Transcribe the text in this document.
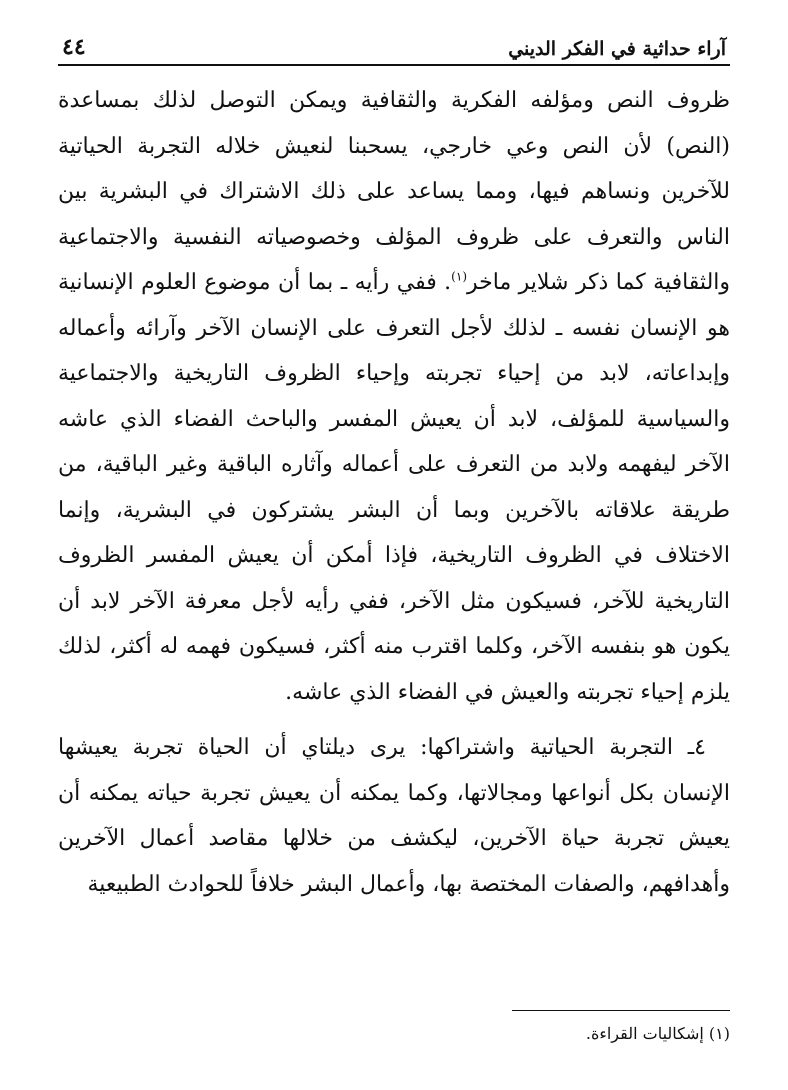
آراء حداثية في الفكر الديني
٤٤

ظروف النص ومؤلفه الفكرية والثقافية ويمكن التوصل لذلك بمساعدة (النص) لأن النص وعي خارجي، يسحبنا لنعيش خلاله التجربة الحياتية للآخرين ونساهم فيها، ومما يساعد على ذلك الاشتراك في البشرية بين الناس والتعرف على ظروف المؤلف وخصوصياته النفسية والاجتماعية والثقافية كما ذكر شلاير ماخر$^{(١)}$. ففي رأيه ـ بما أن موضوع العلوم الإنسانية هو الإنسان نفسه ـ لذلك لأجل التعرف على الإنسان الآخر وآرائه وأعماله وإبداعاته، لابد من إحياء تجربته وإحياء الظروف التاريخية والاجتماعية والسياسية للمؤلف، لابد أن يعيش المفسر والباحث الفضاء الذي عاشه الآخر ليفهمه ولابد من التعرف على أعماله وآثاره الباقية وغير الباقية، من طريقة علاقاته بالآخرين وبما أن البشر يشتركون في البشرية، وإنما الاختلاف في الظروف التاريخية، فإذا أمكن أن يعيش المفسر الظروف التاريخية للآخر، فسيكون مثل الآخر، ففي رأيه لأجل معرفة الآخر لابد أن يكون هو بنفسه الآخر، وكلما اقترب منه أكثر، فسيكون فهمه له أكثر، لذلك يلزم إحياء تجربته والعيش في الفضاء الذي عاشه.

٤ـ التجربة الحياتية واشتراكها: يرى ديلتاي أن الحياة تجربة يعيشها الإنسان بكل أنواعها ومجالاتها، وكما يمكنه أن يعيش تجربة حياته يمكنه أن يعيش تجربة حياة الآخرين، ليكشف من خلالها مقاصد أعمال الآخرين وأهدافهم، والصفات المختصة بها، وأعمال البشر خلافاً للحوادث الطبيعية

(١) إشكاليات القراءة.
